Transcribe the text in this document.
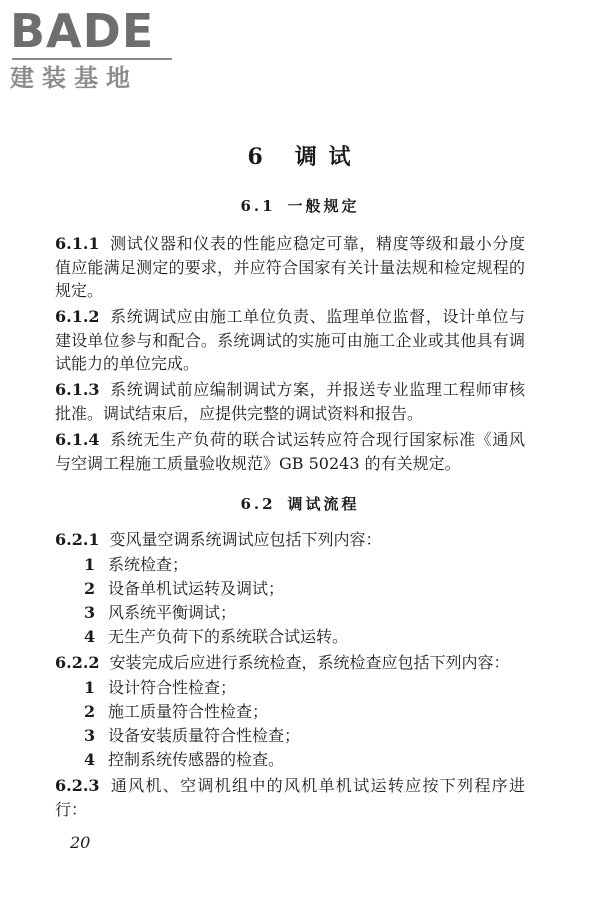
BADE
建装基地
6 调 试
6.1 一般规定
6.1.1 测试仪器和仪表的性能应稳定可靠，精度等级和最小分度值应能满足测定的要求，并应符合国家有关计量法规和检定规程的规定。
6.1.2 系统调试应由施工单位负责、监理单位监督，设计单位与建设单位参与和配合。系统调试的实施可由施工企业或其他具有调试能力的单位完成。
6.1.3 系统调试前应编制调试方案，并报送专业监理工程师审核批准。调试结束后，应提供完整的调试资料和报告。
6.1.4 系统无生产负荷的联合试运转应符合现行国家标准《通风与空调工程施工质量验收规范》GB 50243 的有关规定。
6.2 调试流程
6.2.1 变风量空调系统调试应包括下列内容：
1 系统检查；
2 设备单机试运转及调试；
3 风系统平衡调试；
4 无生产负荷下的系统联合试运转。
6.2.2 安装完成后应进行系统检查，系统检查应包括下列内容：
1 设计符合性检查；
2 施工质量符合性检查；
3 设备安装质量符合性检查；
4 控制系统传感器的检查。
6.2.3 通风机、空调机组中的风机单机试运转应按下列程序进行：
20
